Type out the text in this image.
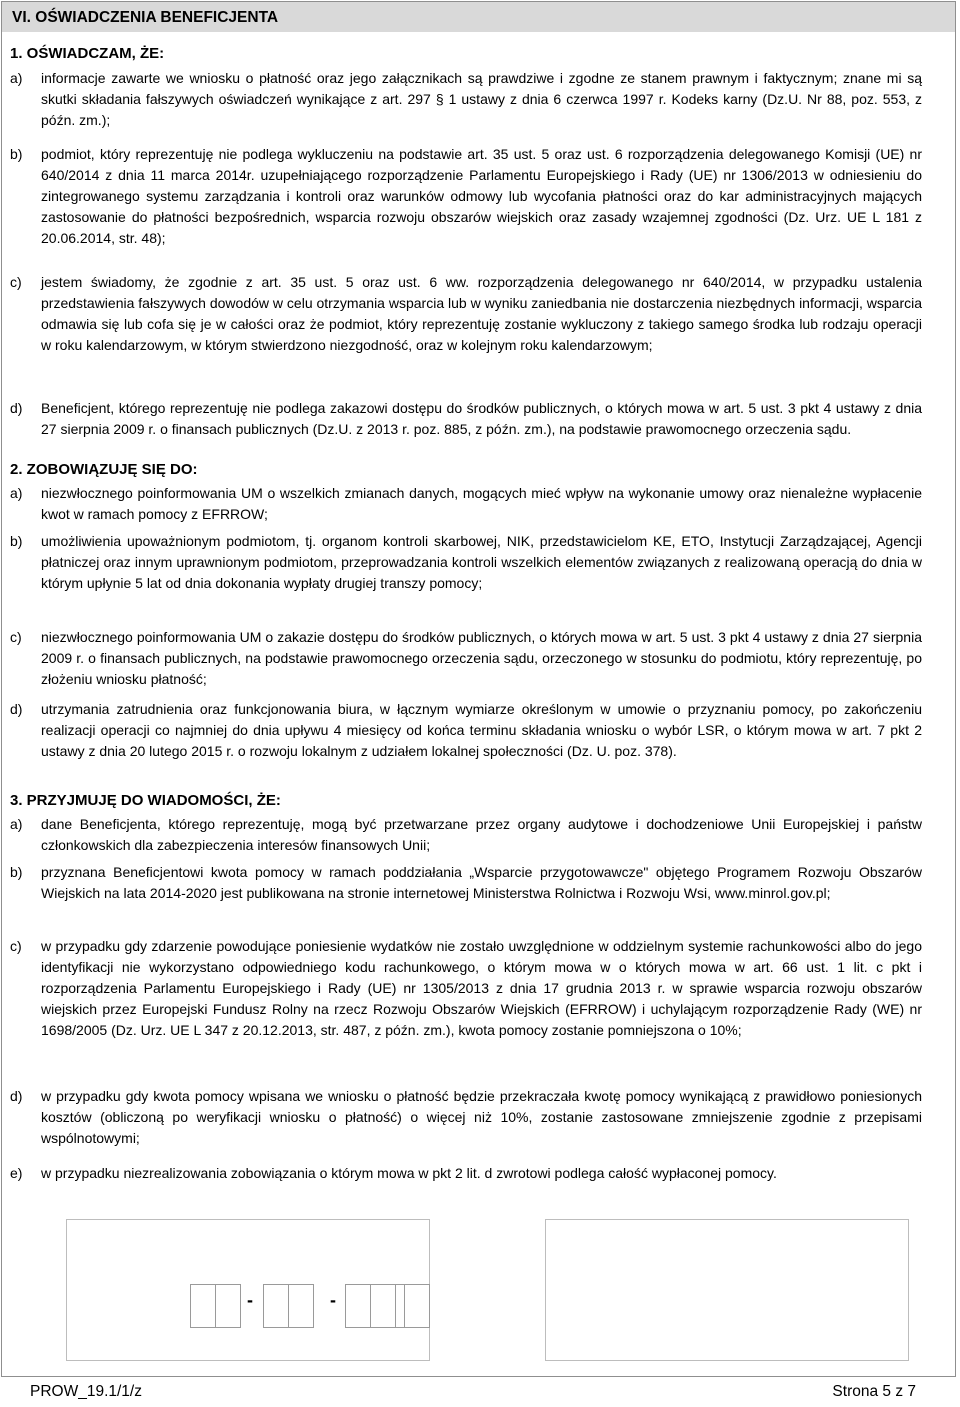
VI. OŚWIADCZENIA BENEFICJENTA
1. OŚWIADCZAM, ŻE:
a) informacje zawarte we wniosku o płatność oraz jego załącznikach są prawdziwe i zgodne ze stanem prawnym i faktycznym; znane mi są skutki składania fałszywych oświadczeń wynikające z art. 297 § 1 ustawy z dnia 6 czerwca 1997 r. Kodeks karny (Dz.U. Nr 88, poz. 553, z późn. zm.);
b) podmiot, który reprezentuję nie podlega wykluczeniu na podstawie art. 35 ust. 5 oraz ust. 6 rozporządzenia delegowanego Komisji (UE) nr 640/2014 z dnia 11 marca 2014r. uzupełniającego rozporządzenie Parlamentu Europejskiego i Rady (UE) nr 1306/2013 w odniesieniu do zintegrowanego systemu zarządzania i kontroli oraz warunków odmowy lub wycofania płatności oraz do kar administracyjnych mających zastosowanie do płatności bezpośrednich, wsparcia rozwoju obszarów wiejskich oraz zasady wzajemnej zgodności (Dz. Urz. UE L 181 z 20.06.2014, str. 48);
c) jestem świadomy, że zgodnie z art. 35 ust. 5 oraz ust. 6 ww. rozporządzenia delegowanego nr 640/2014, w przypadku ustalenia przedstawienia fałszywych dowodów w celu otrzymania wsparcia lub w wyniku zaniedbania nie dostarczenia niezbędnych informacji, wsparcia odmawia się lub cofa się je w całości oraz że podmiot, który reprezentuję zostanie wykluczony z takiego samego środka lub rodzaju operacji w roku kalendarzowym, w którym stwierdzono niezgodność, oraz w kolejnym roku kalendarzowym;
d) Beneficjent, którego reprezentuję nie podlega zakazowi dostępu do środków publicznych, o których mowa w art. 5 ust. 3 pkt 4 ustawy z dnia 27 sierpnia 2009 r. o finansach publicznych (Dz.U. z 2013 r. poz. 885, z późn. zm.), na podstawie prawomocnego orzeczenia sądu.
2. ZOBOWIĄZUJĘ SIĘ DO:
a) niezwłocznego poinformowania UM o wszelkich zmianach danych, mogących mieć wpływ na wykonanie umowy oraz nienależne wypłacenie kwot w ramach pomocy z EFRROW;
b) umożliwienia upoważnionym podmiotom, tj. organom kontroli skarbowej, NIK, przedstawicielom KE, ETO, Instytucji Zarządzającej, Agencji płatniczej oraz innym uprawnionym podmiotom, przeprowadzania kontroli wszelkich elementów związanych z realizowaną operacją do dnia w którym upłynie 5 lat od dnia dokonania wypłaty drugiej transzy pomocy;
c) niezwłocznego poinformowania UM o zakazie dostępu do środków publicznych, o których mowa w art. 5 ust. 3 pkt 4 ustawy z dnia 27 sierpnia 2009 r. o finansach publicznych, na podstawie prawomocnego orzeczenia sądu, orzeczonego w stosunku do podmiotu, który reprezentuję, po złożeniu wniosku płatność;
d) utrzymania zatrudnienia oraz funkcjonowania biura, w łącznym wymiarze określonym w umowie o przyznaniu pomocy, po zakończeniu realizacji operacji co najmniej do dnia upływu 4 miesięcy od końca terminu składania wniosku o wybór LSR, o którym mowa w art. 7 pkt 2 ustawy z dnia 20 lutego 2015 r. o rozwoju lokalnym z udziałem lokalnej społeczności (Dz. U. poz. 378).
3. PRZYJMUJĘ DO WIADOMOŚCI, ŻE:
a) dane Beneficjenta, którego reprezentuję, mogą być przetwarzane przez organy audytowe i dochodzeniowe Unii Europejskiej i państw członkowskich dla zabezpieczenia interesów finansowych Unii;
b) przyznana Beneficjentowi kwota pomocy w ramach poddziałania „Wsparcie przygotowawcze" objętego Programem Rozwoju Obszarów Wiejskich na lata 2014-2020 jest publikowana na stronie internetowej Ministerstwa Rolnictwa i Rozwoju Wsi, www.minrol.gov.pl;
c) w przypadku gdy zdarzenie powodujące poniesienie wydatków nie zostało uwzględnione w oddzielnym systemie rachunkowości albo do jego identyfikacji nie wykorzystano odpowiedniego kodu rachunkowego, o którym mowa w o których mowa w art. 66 ust. 1 lit. c pkt i rozporządzenia Parlamentu Europejskiego i Rady (UE) nr 1305/2013 z dnia 17 grudnia 2013 r. w sprawie wsparcia rozwoju obszarów wiejskich przez Europejski Fundusz Rolny na rzecz Rozwoju Obszarów Wiejskich (EFRROW) i uchylającym rozporządzenie Rady (WE) nr 1698/2005 (Dz. Urz. UE L 347 z 20.12.2013, str. 487, z późn. zm.), kwota pomocy zostanie pomniejszona o 10%;
d) w przypadku gdy kwota pomocy wpisana we wniosku o płatność będzie przekraczała kwotę pomocy wynikającą z prawidłowo poniesionych kosztów (obliczoną po weryfikacji wniosku o płatność) o więcej niż 10%, zostanie zastosowane zmniejszenie zgodnie z przepisami wspólnotowymi;
e) w przypadku niezrealizowania zobowiązania o którym mowa w pkt 2 lit. d zwrotowi podlega całość wypłaconej pomocy.
-	-
PROW_19.1/1/z	Strona 5 z 7
